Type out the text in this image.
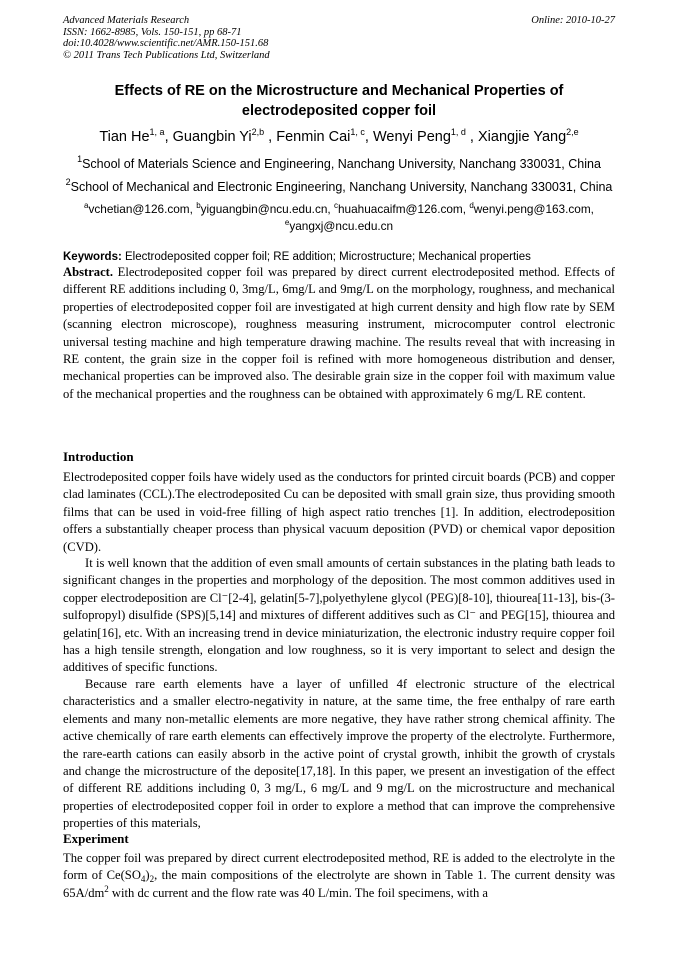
Advanced Materials Research
ISSN: 1662-8985, Vols. 150-151, pp 68-71
doi:10.4028/www.scientific.net/AMR.150-151.68
© 2011 Trans Tech Publications Ltd, Switzerland
Online: 2010-10-27
Effects of RE on the Microstructure and Mechanical Properties of
electrodeposited copper foil
Tian He$^{1, a}$, Guangbin Yi$^{2,b}$ , Fenmin Cai$^{1, c}$, Wenyi Peng$^{1, d}$ , Xiangjie Yang$^{2,e}$
$^1$School of Materials Science and Engineering, Nanchang University, Nanchang 330031, China
$^2$School of Mechanical and Electronic Engineering, Nanchang University, Nanchang 330031, China
$^a$vchetian@126.com, $^b$yiguangbin@ncu.edu.cn, $^c$huahuacaifm@126.com, $^d$wenyi.peng@163.com,
$^e$yangxj@ncu.edu.cn
Keywords: Electrodeposited copper foil; RE addition; Microstructure; Mechanical properties
Abstract. Electrodeposited copper foil was prepared by direct current electrodeposited method. Effects of different RE additions including 0, 3mg/L, 6mg/L and 9mg/L on the morphology, roughness, and mechanical properties of electrodeposited copper foil are investigated at high current density and high flow rate by SEM (scanning electron microscope), roughness measuring instrument, microcomputer control electronic universal testing machine and high temperature drawing machine. The results reveal that with increasing in RE content, the grain size in the copper foil is refined with more homogeneous distribution and denser, mechanical properties can be improved also. The desirable grain size in the copper foil with maximum value of the mechanical properties and the roughness can be obtained with approximately 6 mg/L RE content.
Introduction
Electrodeposited copper foils have widely used as the conductors for printed circuit boards (PCB) and copper clad laminates (CCL).The electrodeposited Cu can be deposited with small grain size, thus providing smooth films that can be used in void-free filling of high aspect ratio trenches [1]. In addition, electrodeposition offers a substantially cheaper process than physical vacuum deposition (PVD) or chemical vapor deposition (CVD).
It is well known that the addition of even small amounts of certain substances in the plating bath leads to significant changes in the properties and morphology of the deposition. The most common additives used in copper electrodeposition are Cl⁻[2-4], gelatin[5-7],polyethylene glycol (PEG)[8-10], thiourea[11-13], bis-(3-sulfopropyl) disulfide (SPS)[5,14] and mixtures of different additives such as Cl⁻ and PEG[15], thiourea and gelatin[16], etc. With an increasing trend in device miniaturization, the electronic industry require copper foil has a high tensile strength, elongation and low roughness, so it is very important to select and design the additives of specific functions.
Because rare earth elements have a layer of unfilled 4f electronic structure of the electrical characteristics and a smaller electro-negativity in nature, at the same time, the free enthalpy of rare earth elements and many non-metallic elements are more negative, they have rather strong chemical affinity. The active chemically of rare earth elements can effectively improve the property of the electrolyte. Furthermore, the rare-earth cations can easily absorb in the active point of crystal growth, inhibit the growth of crystals and change the microstructure of the deposite[17,18]. In this paper, we present an investigation of the effect of different RE additions including 0, 3 mg/L, 6 mg/L and 9 mg/L on the microstructure and mechanical properties of electrodeposited copper foil in order to explore a method that can improve the comprehensive properties of this materials,
Experiment
The copper foil was prepared by direct current electrodeposited method, RE is added to the electrolyte in the form of $Ce(SO_4)_2$, the main compositions of the electrolyte are shown in Table 1. The current density was $65A/dm^2$ with dc current and the flow rate was 40 L/min. The foil specimens, with a
